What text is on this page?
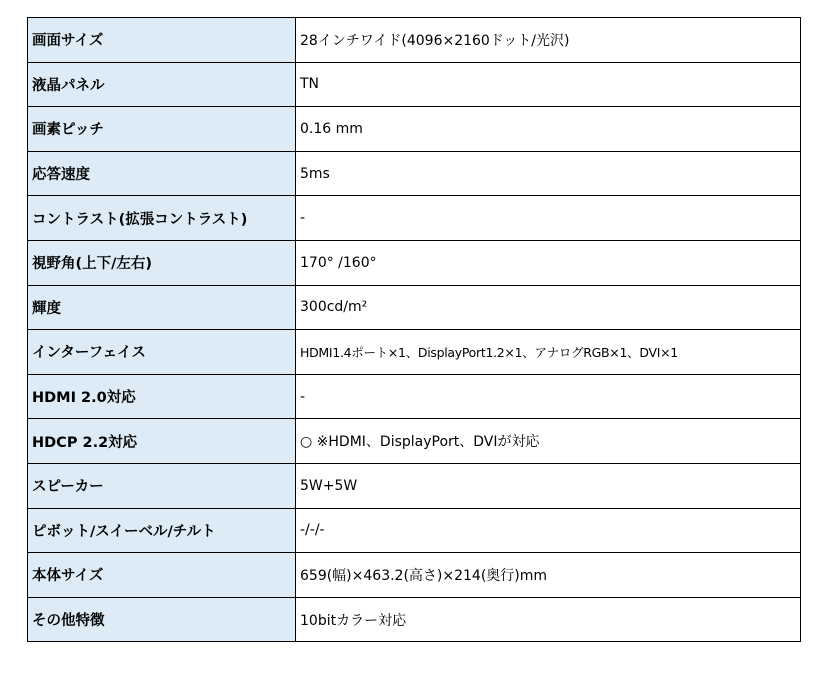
画面サイズ	28インチワイド(4096×2160ドット/光沢)
液晶パネル	TN
画素ピッチ	0.16 mm
応答速度	5ms
コントラスト(拡張コントラスト)	-
視野角(上下/左右)	170° /160°
輝度	300cd/m²
インターフェイス	HDMI1.4ポート×1、DisplayPort1.2×1、アナログRGB×1、DVI×1
HDMI 2.0対応	-
HDCP 2.2対応	○ ※HDMI、DisplayPort、DVIが対応
スピーカー	5W+5W
ピボット/スイーベル/チルト	-/-/-
本体サイズ	659(幅)×463.2(高さ)×214(奥行)mm
その他特徴	10bitカラー対応
